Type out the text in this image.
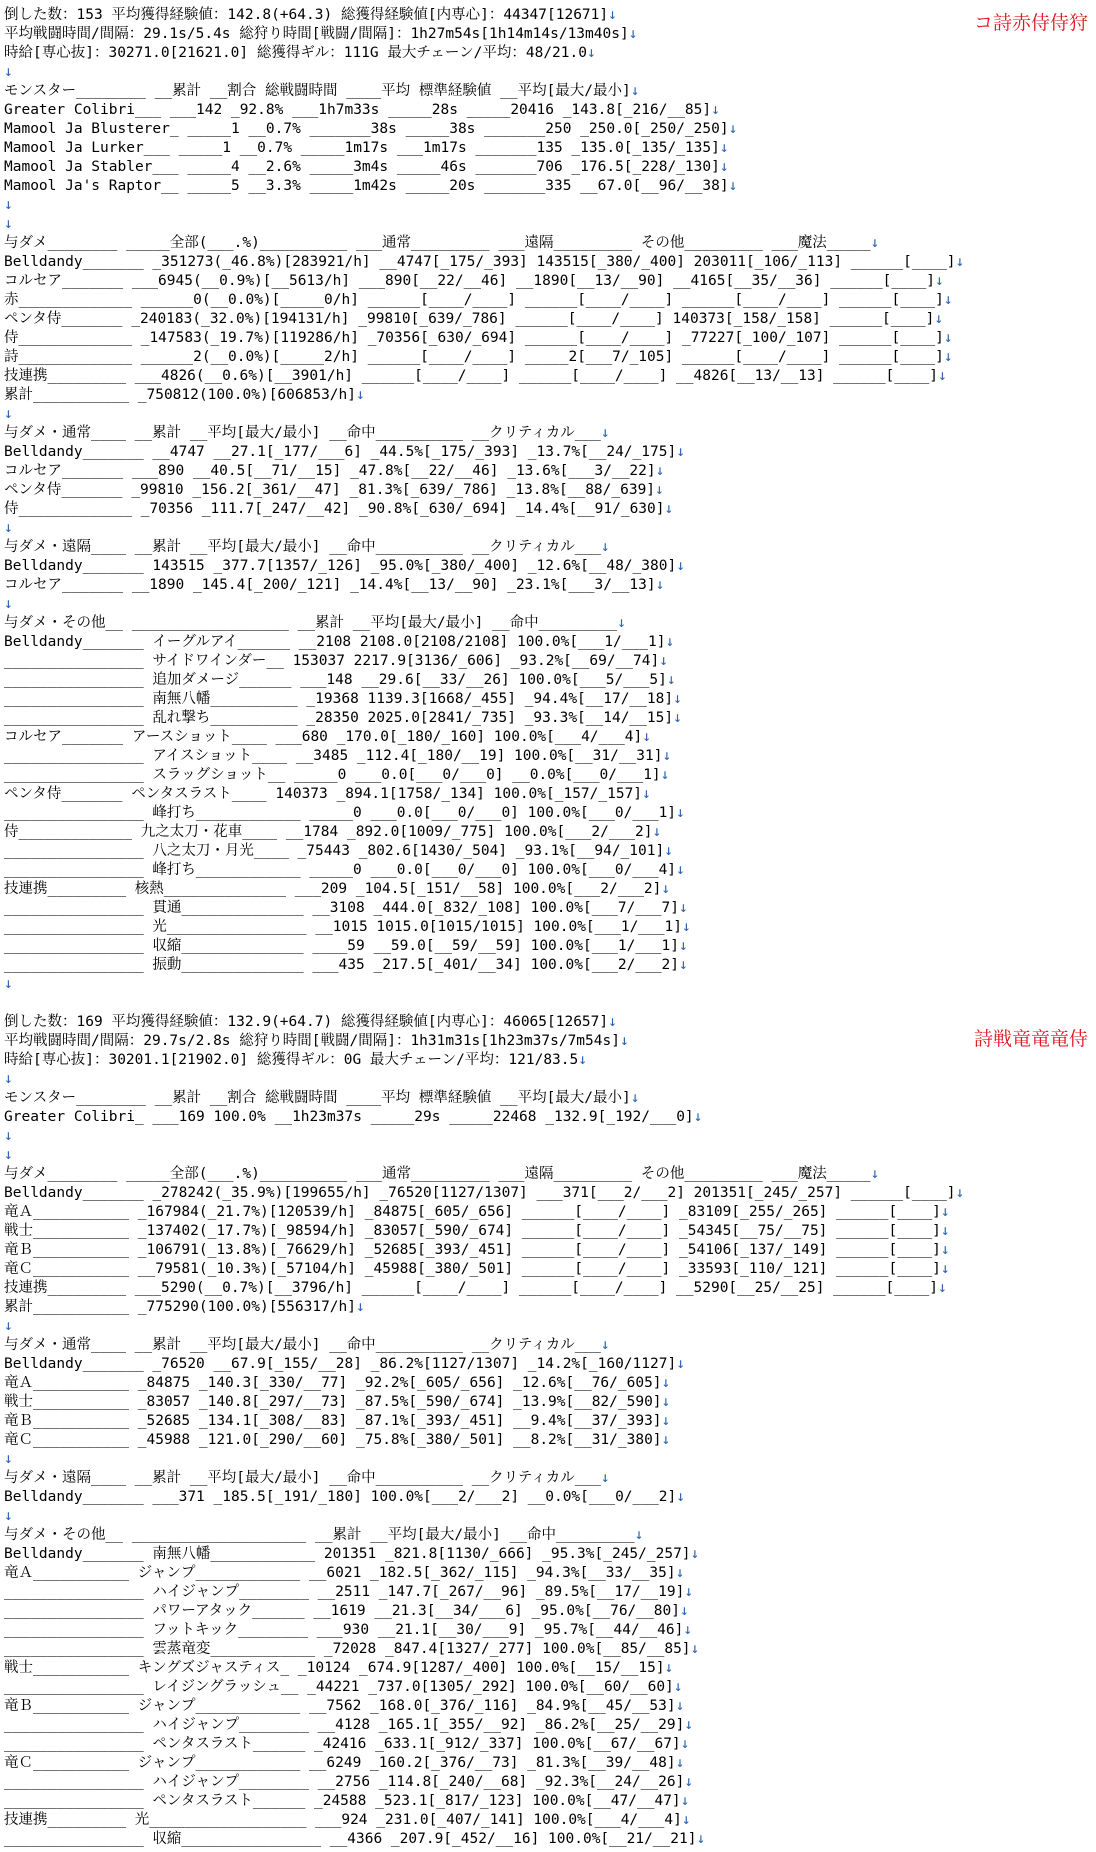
倒した数：153 平均獲得経験値：142.8(+64.3) 総獲得経験値[内専心]：44347[12671]↓
平均戦闘時間/間隔：29.1s/5.4s 総狩り時間[戦闘/間隔]：1h27m54s[1h14m14s/13m40s]↓
時給[専心抜]：30271.0[21621.0] 総獲得ギル：111G 最大チェーン/平均：48/21.0↓
↓
モンスター________ __累計 __割合 総戦闘時間 ____平均 標準経験値 __平均[最大/最小]↓
Greater Colibri___ ___142 _92.8% ___1h7m33s _____28s _____20416 _143.8[_216/__85]↓
Mamool Ja Blusterer_ _____1 __0.7% _______38s _____38s _______250 _250.0[_250/_250]↓
Mamool Ja Lurker___ _____1 __0.7% _____1m17s ___1m17s _______135 _135.0[_135/_135]↓
Mamool Ja Stabler___ _____4 __2.6% _____3m4s _____46s _______706 _176.5[_228/_130]↓
Mamool Ja's Raptor__ _____5 __3.3% _____1m42s _____20s _______335 __67.0[__96/__38]↓
↓
↓
与ダメ________ _____全部(___.%)__________ ___通常_________ ___遠隔_________ その他_________ ___魔法_____↓
Belldandy_______ _351273(_46.8%)[283921/h] __4747[_175/_393] 143515[_380/_400] 203011[_106/_113] ______[____]↓
コルセア_______ ___6945(__0.9%)[__5613/h] ___890[__22/__46] __1890[__13/__90] __4165[__35/__36] ______[____]↓
赤_____________ ______0(__0.0%)[_____0/h] ______[____/____] ______[____/____] ______[____/____] ______[____]↓
ペンタ侍_______ _240183(_32.0%)[194131/h] _99810[_639/_786] ______[____/____] 140373[_158/_158] ______[____]↓
侍_____________ _147583(_19.7%)[119286/h] _70356[_630/_694] ______[____/____] _77227[_100/_107] ______[____]↓
詩_____________ ______2(__0.0%)[_____2/h] ______[____/____] _____2[___7/_105] ______[____/____] ______[____]↓
技連携_________ ___4826(__0.6%)[__3901/h] ______[____/____] ______[____/____] __4826[__13/__13] ______[____]↓
累計___________ _750812(100.0%)[606853/h]↓
↓
与ダメ・通常____ __累計 __平均[最大/最小] __命中__________ __クリティカル___↓
Belldandy_______ __4747 __27.1[_177/___6] _44.5%[_175/_393] _13.7%[__24/_175]↓
コルセア_______ ___890 __40.5[__71/__15] _47.8%[__22/__46] _13.6%[___3/__22]↓
ペンタ侍_______ _99810 _156.2[_361/__47] _81.3%[_639/_786] _13.8%[__88/_639]↓
侍_____________ _70356 _111.7[_247/__42] _90.8%[_630/_694] _14.4%[__91/_630]↓
↓
与ダメ・遠隔____ __累計 __平均[最大/最小] __命中__________ __クリティカル___↓
Belldandy_______ 143515 _377.7[1357/_126] _95.0%[_380/_400] _12.6%[__48/_380]↓
コルセア_______ __1890 _145.4[_200/_121] _14.4%[__13/__90] _23.1%[___3/__13]↓
↓
与ダメ・その他__ __________________ __累計 __平均[最大/最小] __命中_________↓
Belldandy_______ イーグルアイ______ __2108 2108.0[2108/2108] 100.0%[___1/___1]↓
________________ サイドワインダー__ 153037 2217.9[3136/_606] _93.2%[__69/__74]↓
________________ 追加ダメージ______ ___148 __29.6[__33/__26] 100.0%[___5/___5]↓
________________ 南無八幡__________ _19368 1139.3[1668/_455] _94.4%[__17/__18]↓
________________ 乱れ撃ち__________ _28350 2025.0[2841/_735] _93.3%[__14/__15]↓
コルセア_______ アースショット____ ___680 _170.0[_180/_160] 100.0%[___4/___4]↓
________________ アイスショット____ __3485 _112.4[_180/__19] 100.0%[__31/__31]↓
________________ スラッグショット__ _____0 ___0.0[___0/___0] __0.0%[___0/___1]↓
ペンタ侍_______ ペンタスラスト____ 140373 _894.1[1758/_134] 100.0%[_157/_157]↓
________________ 峰打ち____________ _____0 ___0.0[___0/___0] 100.0%[___0/___1]↓
侍_____________ 九之太刀・花車____ __1784 _892.0[1009/_775] 100.0%[___2/___2]↓
________________ 八之太刀・月光____ _75443 _802.6[1430/_504] _93.1%[__94/_101]↓
________________ 峰打ち____________ _____0 ___0.0[___0/___0] 100.0%[___0/___4]↓
技連携_________ 核熱______________ ___209 _104.5[_151/__58] 100.0%[___2/___2]↓
________________ 貫通______________ __3108 _444.0[_832/_108] 100.0%[___7/___7]↓
________________ 光________________ __1015 1015.0[1015/1015] 100.0%[___1/___1]↓
________________ 収縮______________ ____59 __59.0[__59/__59] 100.0%[___1/___1]↓
________________ 振動______________ ___435 _217.5[_401/__34] 100.0%[___2/___2]↓
↓
倒した数：169 平均獲得経験値：132.9(+64.7) 総獲得経験値[内専心]：46065[12657]↓
平均戦闘時間/間隔：29.7s/2.8s 総狩り時間[戦闘/間隔]：1h31m31s[1h23m37s/7m54s]↓
時給[専心抜]：30201.1[21902.0] 総獲得ギル：0G 最大チェーン/平均：121/83.5↓
↓
モンスター________ __累計 __割合 総戦闘時間 ____平均 標準経験値 __平均[最大/最小]↓
Greater Colibri_ ___169 100.0% __1h23m37s _____29s _____22468 _132.9[_192/___0]↓
↓
↓
与ダメ________ _____全部(___.%)__________ ___通常_________ ___遠隔_________ その他_________ ___魔法_____↓
Belldandy_______ _278242(_35.9%)[199655/h] _76520[1127/1307] ___371[___2/___2] 201351[_245/_257] ______[____]↓
竜Ａ___________ _167984(_21.7%)[120539/h] _84875[_605/_656] ______[____/____] _83109[_255/_265] ______[____]↓
戦士___________ _137402(_17.7%)[_98594/h] _83057[_590/_674] ______[____/____] _54345[__75/__75] ______[____]↓
竜Ｂ___________ _106791(_13.8%)[_76629/h] _52685[_393/_451] ______[____/____] _54106[_137/_149] ______[____]↓
竜Ｃ___________ __79581(_10.3%)[_57104/h] _45988[_380/_501] ______[____/____] _33593[_110/_121] ______[____]↓
技連携_________ ___5290(__0.7%)[__3796/h] ______[____/____] ______[____/____] __5290[__25/__25] ______[____]↓
累計___________ _775290(100.0%)[556317/h]↓
↓
与ダメ・通常____ __累計 __平均[最大/最小] __命中__________ __クリティカル___↓
Belldandy_______ _76520 __67.9[_155/__28] _86.2%[1127/1307] _14.2%[_160/1127]↓
竜Ａ___________ _84875 _140.3[_330/__77] _92.2%[_605/_656] _12.6%[__76/_605]↓
戦士___________ _83057 _140.8[_297/__73] _87.5%[_590/_674] _13.9%[__82/_590]↓
竜Ｂ___________ _52685 _134.1[_308/__83] _87.1%[_393/_451] __9.4%[__37/_393]↓
竜Ｃ___________ _45988 _121.0[_290/__60] _75.8%[_380/_501] __8.2%[__31/_380]↓
↓
与ダメ・遠隔____ __累計 __平均[最大/最小] __命中__________ __クリティカル___↓
Belldandy_______ ___371 _185.5[_191/_180] 100.0%[___2/___2] __0.0%[___0/___2]↓
↓
与ダメ・その他__ ____________________ __累計 __平均[最大/最小] __命中_________↓
Belldandy_______ 南無八幡____________ 201351 _821.8[1130/_666] _95.3%[_245/_257]↓
竜Ａ___________ ジャンプ____________ __6021 _182.5[_362/_115] _94.3%[__33/__35]↓
________________ ハイジャンプ________ __2511 _147.7[_267/__96] _89.5%[__17/__19]↓
________________ パワーアタック______ __1619 __21.3[__34/___6] _95.0%[__76/__80]↓
________________ フットキック________ ___930 __21.1[__30/___9] _95.7%[__44/__46]↓
________________ 雲蒸竜変____________ _72028 _847.4[1327/_277] 100.0%[__85/__85]↓
戦士___________ キングズジャスティス_ _10124 _674.9[1287/_400] 100.0%[__15/__15]↓
________________ レイジングラッシュ__ _44221 _737.0[1305/_292] 100.0%[__60/__60]↓
竜Ｂ___________ ジャンプ____________ __7562 _168.0[_376/_116] _84.9%[__45/__53]↓
________________ ハイジャンプ________ __4128 _165.1[_355/__92] _86.2%[__25/__29]↓
________________ ペンタスラスト______ _42416 _633.1[_912/_337] 100.0%[__67/__67]↓
竜Ｃ___________ ジャンプ____________ __6249 _160.2[_376/__73] _81.3%[__39/__48]↓
________________ ハイジャンプ________ __2756 _114.8[_240/__68] _92.3%[__24/__26]↓
________________ ペンタスラスト______ _24588 _523.1[_817/_123] 100.0%[__47/__47]↓
技連携_________ 光__________________ ___924 _231.0[_407/_141] 100.0%[___4/___4]↓
________________ 収縮________________ __4366 _207.9[_452/__16] 100.0%[__21/__21]↓
コ詩赤侍侍狩
詩戦竜竜竜侍
